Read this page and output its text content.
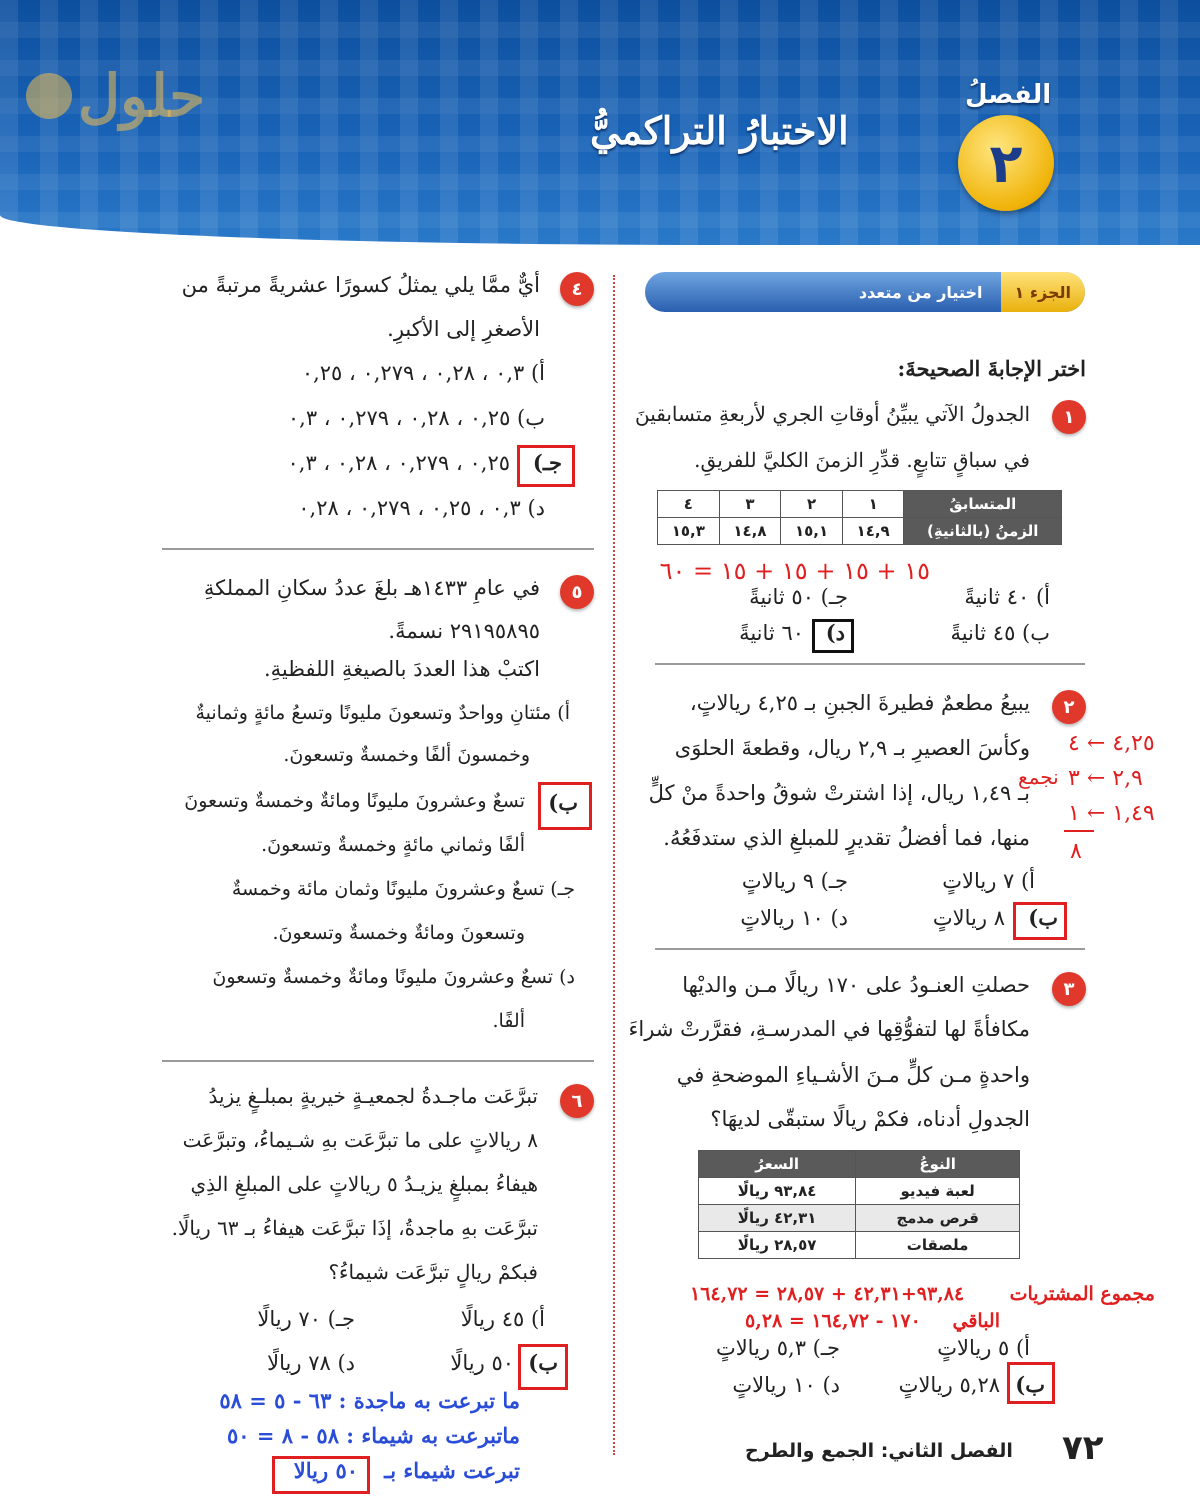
حلول	الفصلُ
٢
الاختبارُ التراكميُّ
اختيار من متعدد	الجزء ١
اختر الإجابةَ الصحيحةَ:
١
الجدولُ الآتي يبيِّنُ أوقاتِ الجري لأربعةِ متسابقينَ
في سباقٍ تتابعٍ. قدِّرِ الزمنَ الكليَّ للفريقِ.
المتسابقُ	١	٢	٣	٤
الزمنُ (بالثانيةِ)	١٤,٩	١٥,١	١٤,٨	١٥,٣
١٥ + ١٥ + ١٥ + ١٥ = ٦٠
أ) ٤٠ ثانيةً
ب) ٤٥ ثانيةً
جـ) ٥٠ ثانيةً
د)
٦٠ ثانيةً
٢
يبيعُ مطعمٌ فطيرةَ الجبنِ بـ ٤,٢٥ ريالاتٍ،
وكأسَ العصيرِ بـ ٢,٩ ريال، وقطعةَ الحلوَى
بـ ١,٤٩ ريال، إذا اشترتْ شوقُ واحدةً منْ كلٍّ
منها، فما أفضلُ تقديرٍ للمبلغِ الذي ستدفَعُهُ.
٤,٢٥ ← ٤
٢,٩ ← ٣
نجمع
١,٤٩ ← ١
٨
أ) ٧ ريالاتٍ
ب)
٨ ريالاتٍ
جـ) ٩ ريالاتٍ
د) ١٠ ريالاتٍ
٣
حصلتِ العنـودُ على ١٧٠ ريالًا مـن والديْها
مكافأةً لها لتفوُّقِها في المدرسـةِ، فقرَّرتْ شراءَ
واحدةٍ مـن كلٍّ مـنَ الأشـياءِ الموضحةِ في
الجدولِ أدناه، فكمْ ريالًا ستبقّى لديهَا؟
النوعُ	السعرُ
لعبة فيديو	٩٣,٨٤ ريالًا
قرص مدمج	٤٢,٣١ ريالًا
ملصقات	٢٨,٥٧ ريالًا
مجموع المشتريات
٩٣,٨٤+٤٢,٣١ + ٢٨,٥٧ = ١٦٤,٧٢
الباقي
١٧٠ - ١٦٤,٧٢ = ٥,٢٨
أ) ٥ ريالاتٍ
ب)
٥,٢٨ ريالاتٍ
جـ) ٥,٣ ريالاتٍ
د) ١٠ ريالاتٍ
٤
أيٌّ ممَّا يلي يمثلُ كسورًا عشريةً مرتبةً من
الأصغرِ إلى الأكبرِ.
أ) ٠,٣ ، ٠,٢٨ ، ٠,٢٧٩ ، ٠,٢٥
ب) ٠,٢٥ ، ٠,٢٨ ، ٠,٢٧٩ ، ٠,٣
جـ)
٠,٢٥ ، ٠,٢٧٩ ، ٠,٢٨ ، ٠,٣
د) ٠,٣ ، ٠,٢٥ ، ٠,٢٧٩ ، ٠,٢٨
٥
في عامِ ١٤٣٣هـ بلغَ عددُ سكانِ المملكةِ
٢٩١٩٥٨٩٥ نسمةً.
اكتبْ هذا العددَ بالصيغةِ اللفظيةِ.
أ) مئتانِ وواحدٌ وتسعونَ مليونًا وتسعُ مائةٍ وثمانيةٌ
وخمسونَ ألفًا وخمسةٌ وتسعونَ.
ب)
تسعٌ وعشرونَ مليونًا ومائةٌ وخمسةٌ وتسعونَ
ألفًا وثماني مائةٍ وخمسةٌ وتسعونَ.
جـ) تسعٌ وعشرونَ مليونًا وثمان مائة وخمسةٌ
وتسعونَ ومائةٌ وخمسةٌ وتسعونَ.
د) تسعٌ وعشرونَ مليونًا ومائةٌ وخمسةٌ وتسعونَ
ألفًا.
٦
تبرَّعَت ماجـدةُ لجمعيـةٍ خيريةٍ بمبلـغٍ يزيدُ
٨ ريالاتٍ على ما تبرَّعَت بهِ شـيماءُ، وتبرَّعَت
هيفاءُ بمبلغٍ يزيـدُ ٥ ريالاتٍ على المبلغِ الذِي
تبرَّعَت بهِ ماجدةُ، إذَا تبرَّعَت هيفاءُ بـ ٦٣ ريالًا.
فبكمْ ريالٍ تبرَّعَت شيماءُ؟
أ) ٤٥ ريالًا
ب)
٥٠ ريالًا
جـ) ٧٠ ريالًا
د) ٧٨ ريالًا
ما تبرعت به ماجدة : ٦٣ - ٥ = ٥٨
ماتبرعت به شيماء : ٥٨ - ٨ = ٥٠
تبرعت شيماء بـ
٥٠ ريالا
الفصل الثاني: الجمع والطرح ٧٢
